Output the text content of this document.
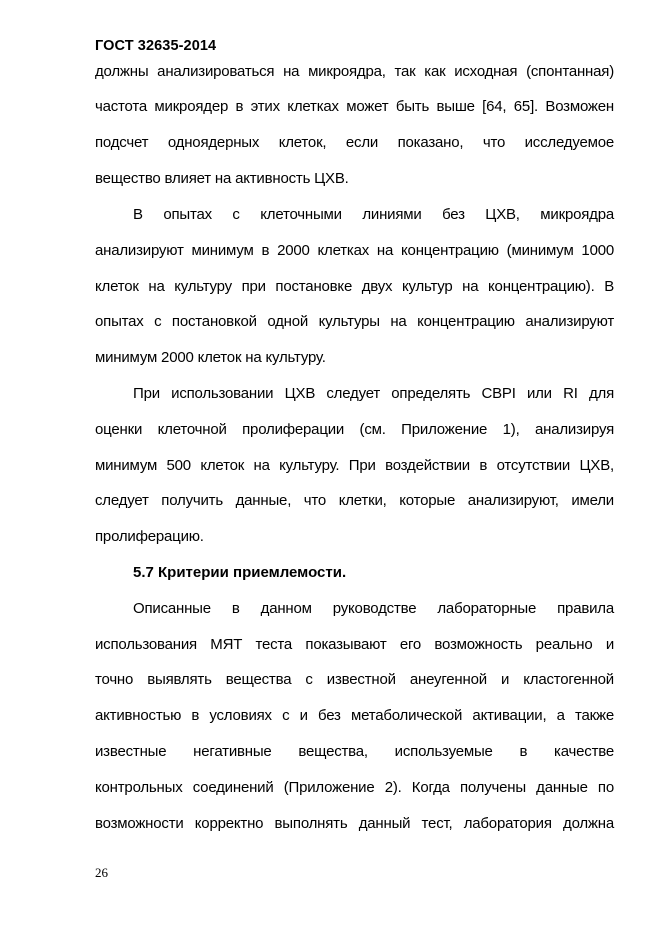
ГОСТ 32635-2014
должны анализироваться на микроядра, так как исходная (спонтанная)
частота микроядер в этих клетках может быть выше [64, 65]. Возможен
подсчет одноядерных клеток, если показано, что исследуемое
вещество влияет на активность ЦХВ.
В опытах с клеточными линиями без ЦХВ, микроядра
анализируют минимум в 2000 клетках на концентрацию (минимум 1000
клеток на культуру при постановке двух культур на концентрацию). В
опытах с постановкой одной культуры на концентрацию анализируют
минимум 2000 клеток на культуру.
При использовании ЦХВ следует определять CBPI или RI для
оценки клеточной пролиферации (см. Приложение 1), анализируя
минимум 500 клеток на культуру. При воздействии в отсутствии ЦХВ,
следует получить данные, что клетки, которые анализируют, имели
пролиферацию.
5.7 Критерии приемлемости.
Описанные в данном руководстве лабораторные правила
использования МЯТ теста показывают его возможность реально и
точно выявлять вещества с известной анеугенной и кластогенной
активностью в условиях с и без метаболической активации, а также
известные негативные вещества, используемые в качестве
контрольных соединений (Приложение 2). Когда получены данные по
возможности корректно выполнять данный тест, лаборатория должна
26
